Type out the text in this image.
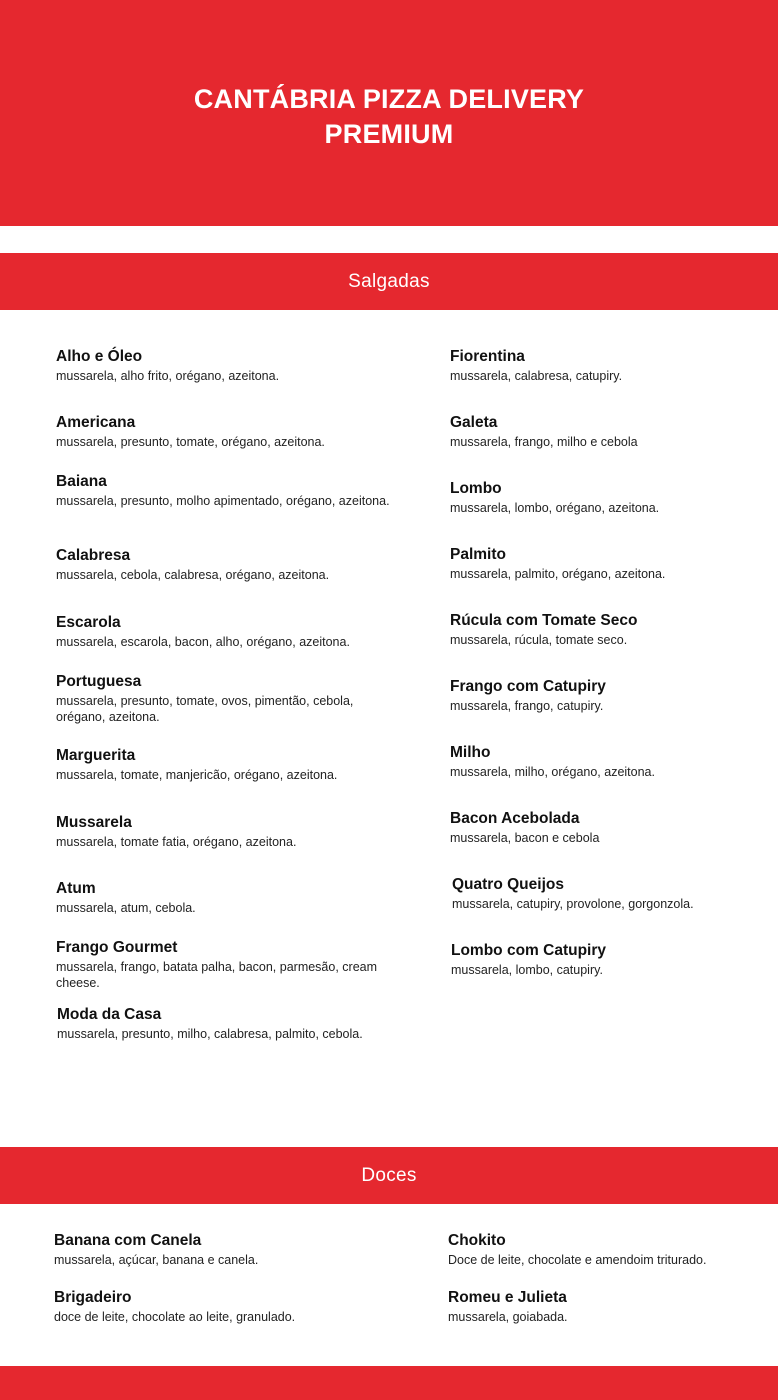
CANTÁBRIA PIZZA DELIVERY
PREMIUM
Salgadas
Alho e Óleo
mussarela, alho frito, orégano, azeitona.
Americana
mussarela, presunto, tomate, orégano, azeitona.
Baiana
mussarela, presunto, molho apimentado, orégano, azeitona.
Calabresa
mussarela, cebola, calabresa, orégano, azeitona.
Escarola
mussarela, escarola, bacon, alho, orégano, azeitona.
Portuguesa
mussarela, presunto, tomate, ovos, pimentão, cebola, orégano, azeitona.
Marguerita
mussarela, tomate, manjericão, orégano, azeitona.
Mussarela
mussarela, tomate fatia, orégano, azeitona.
Atum
mussarela, atum, cebola.
Frango Gourmet
mussarela, frango, batata palha, bacon, parmesão, cream cheese.
Moda da Casa
mussarela, presunto, milho, calabresa, palmito, cebola.
Fiorentina
mussarela, calabresa, catupiry.
Galeta
mussarela, frango, milho e cebola
Lombo
mussarela, lombo, orégano, azeitona.
Palmito
mussarela, palmito, orégano, azeitona.
Rúcula com Tomate Seco
mussarela, rúcula, tomate seco.
Frango com Catupiry
mussarela, frango, catupiry.
Milho
mussarela, milho, orégano, azeitona.
Bacon Acebolada
mussarela, bacon e cebola
Quatro Queijos
mussarela, catupiry, provolone, gorgonzola.
Lombo com Catupiry
mussarela, lombo, catupiry.
Doces
Banana com Canela
mussarela, açúcar, banana e canela.
Brigadeiro
doce de leite, chocolate ao leite, granulado.
Chokito
Doce de leite, chocolate e amendoim triturado.
Romeu e Julieta
mussarela, goiabada.
